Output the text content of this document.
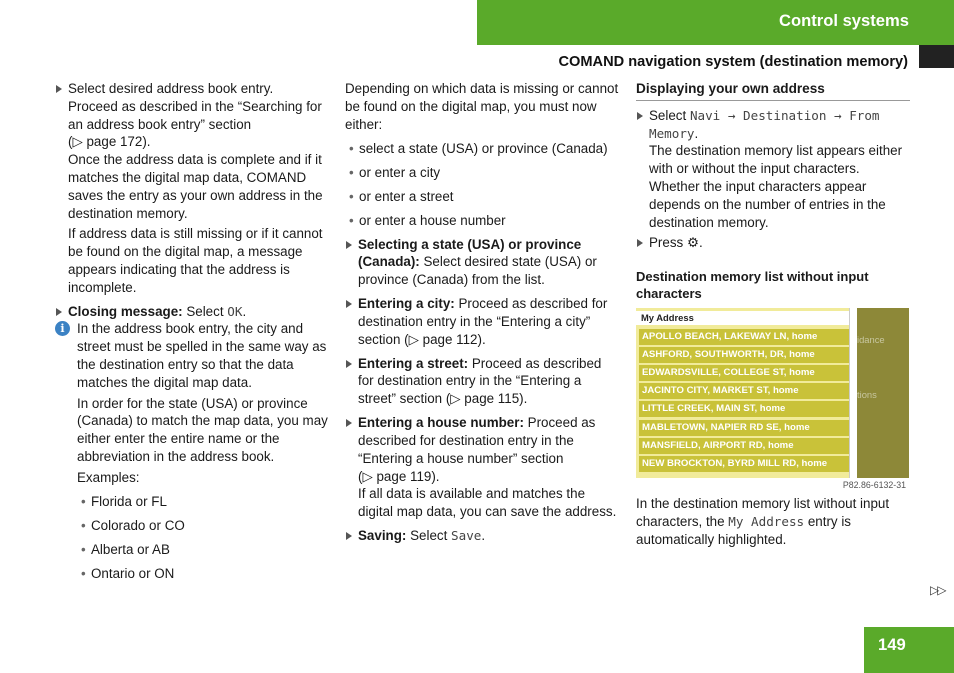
Control systems
COMAND navigation system (destination memory)
Select desired address book entry.
Proceed as described in the “Searching for
an address book entry” section
(▷ page 172).
Once the address data is complete and if it
matches the digital map data, COMAND
saves the entry as your own address in the
destination memory.
If address data is still missing or if it cannot
be found on the digital map, a message
appears indicating that the address is
incomplete.
Closing message: Select OK.
i In the address book entry, the city and
street must be spelled in the same way as
the destination entry so that the data
matches the digital map data.
In order for the state (USA) or province
(Canada) to match the map data, you may
either enter the entire name or the
abbreviation in the address book.
Examples:
• Florida or FL
• Colorado or CO
• Alberta or AB
• Ontario or ON
Depending on which data is missing or cannot
be found on the digital map, you must now
either:
• select a state (USA) or province (Canada)
• or enter a city
• or enter a street
• or enter a house number
Selecting a state (USA) or province
(Canada): Select desired state (USA) or
province (Canada) from the list.
Entering a city: Proceed as described for
destination entry in the “Entering a city”
section (▷ page 112).
Entering a street: Proceed as described
for destination entry in the “Entering a
street” section (▷ page 115).
Entering a house number: Proceed as
described for destination entry in the
“Entering a house number” section
(▷ page 119).
If all data is available and matches the
digital map data, you can save the address.
Saving: Select Save.
Displaying your own address
Select Navi → Destination → From
Memory.
The destination memory list appears either
with or without the input characters.
Whether the input characters appear
depends on the number of entries in the
destination memory.
Press ⚙.
Destination memory list without input
characters
My Address
APOLLO BEACH, LAKEWAY LN, home
ASHFORD, SOUTHWORTH, DR, home
EDWARDSVILLE, COLLEGE ST, home
JACINTO CITY, MARKET ST, home
LITTLE CREEK, MAIN ST, home
MABLETOWN, NAPIER RD SE, home
MANSFIELD, AIRPORT RD, home
NEW BROCKTON, BYRD MILL RD, home
idance
tions
P82.86-6132-31
In the destination memory list without input
characters, the My Address entry is
automatically highlighted.
▷▷
149
